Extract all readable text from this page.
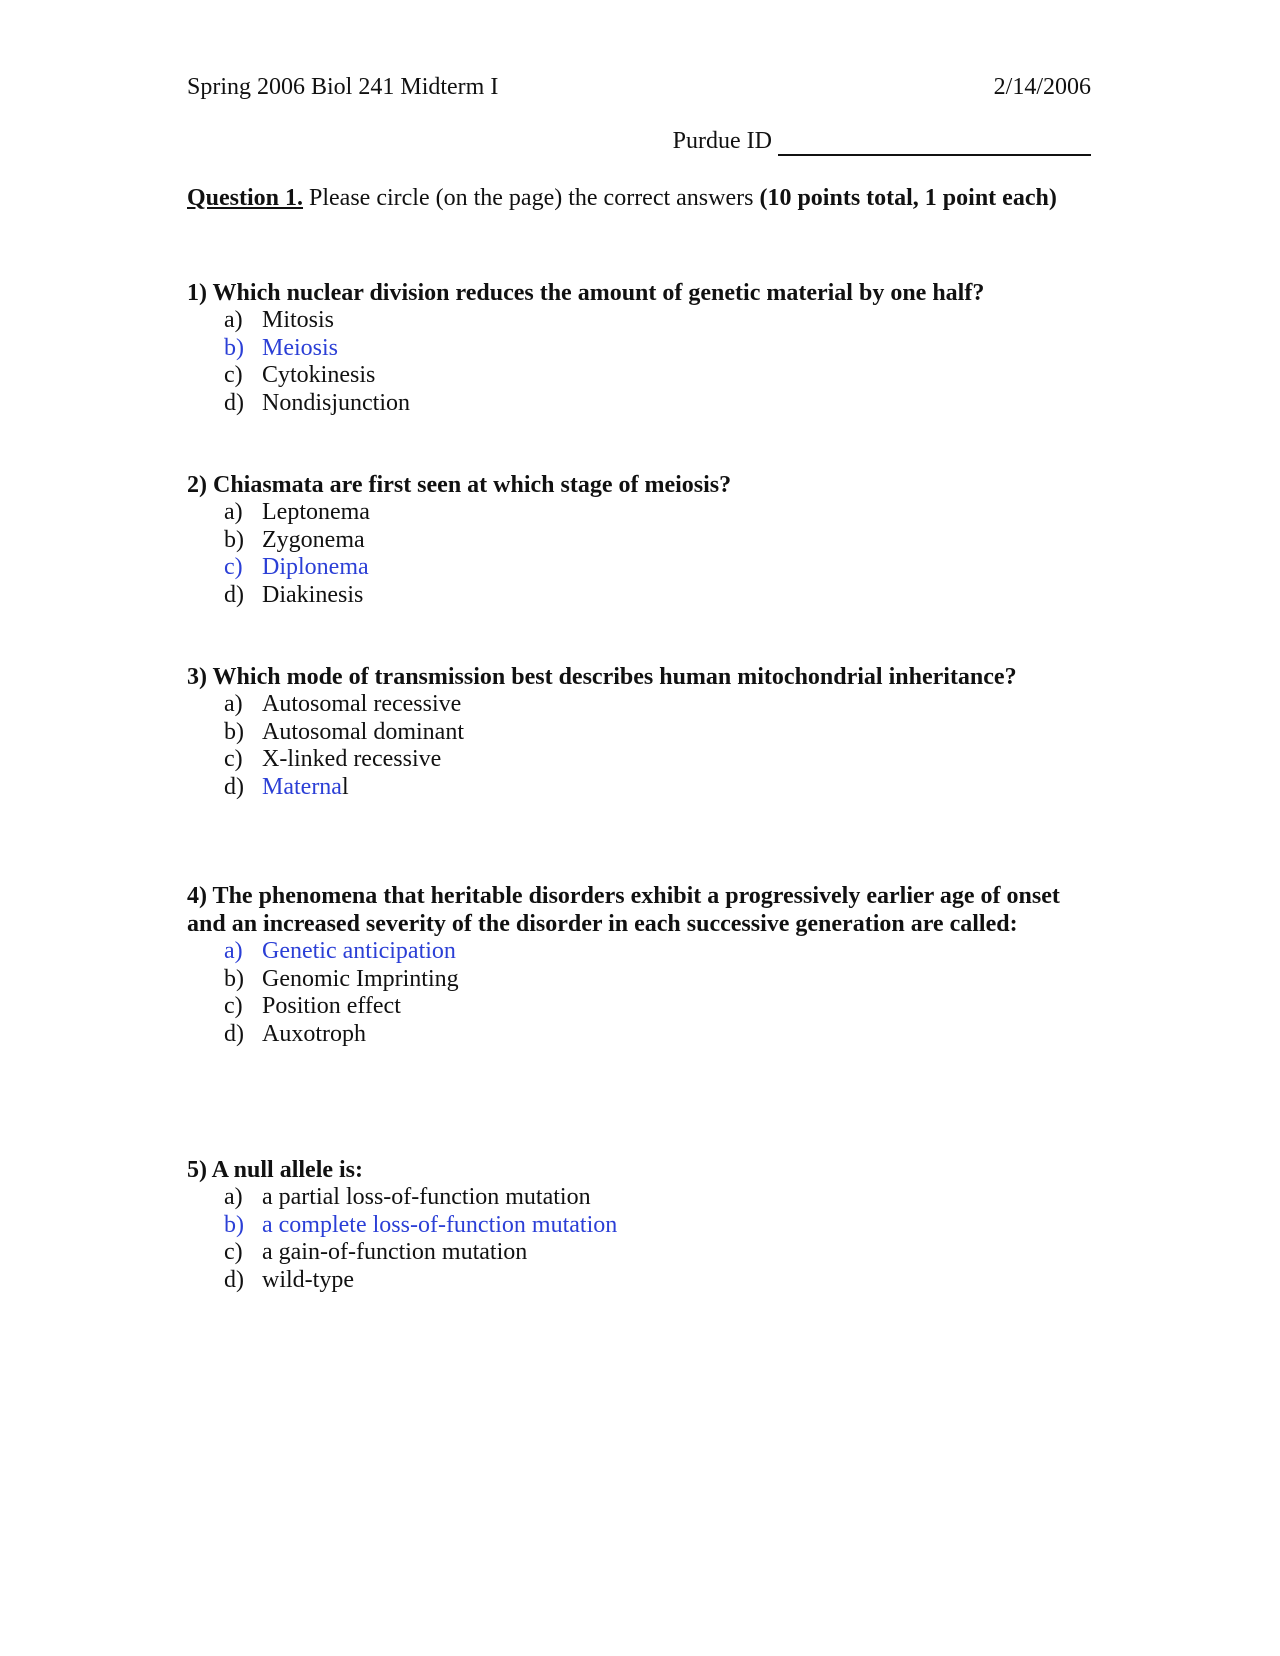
Spring 2006 Biol 241 Midterm I	2/14/2006
Purdue ID
Question 1. Please circle (on the page) the correct answers (10 points total, 1 point each)

1) Which nuclear division reduces the amount of genetic material by one half?

a) Mitosis
b) Meiosis
c) Cytokinesis
d) Nondisjunction

2) Chiasmata are first seen at which stage of meiosis?

a) Leptonema
b) Zygonema
c) Diplonema
d) Diakinesis

3) Which mode of transmission best describes human mitochondrial inheritance?

a) Autosomal recessive
b) Autosomal dominant
c) X-linked recessive
d) Materna l

4) The phenomena that heritable disorders exhibit a progressively earlier age of onset and an increased severity of the disorder in each successive generation are called:

a) Genetic anticipation
b) Genomic Imprinting
c) Position effect
d) Auxotroph

5) A null allele is:

a) a partial loss-of-function mutation
b) a complete loss-of-function mutation
c) a gain-of-function mutation
d) wild-type
